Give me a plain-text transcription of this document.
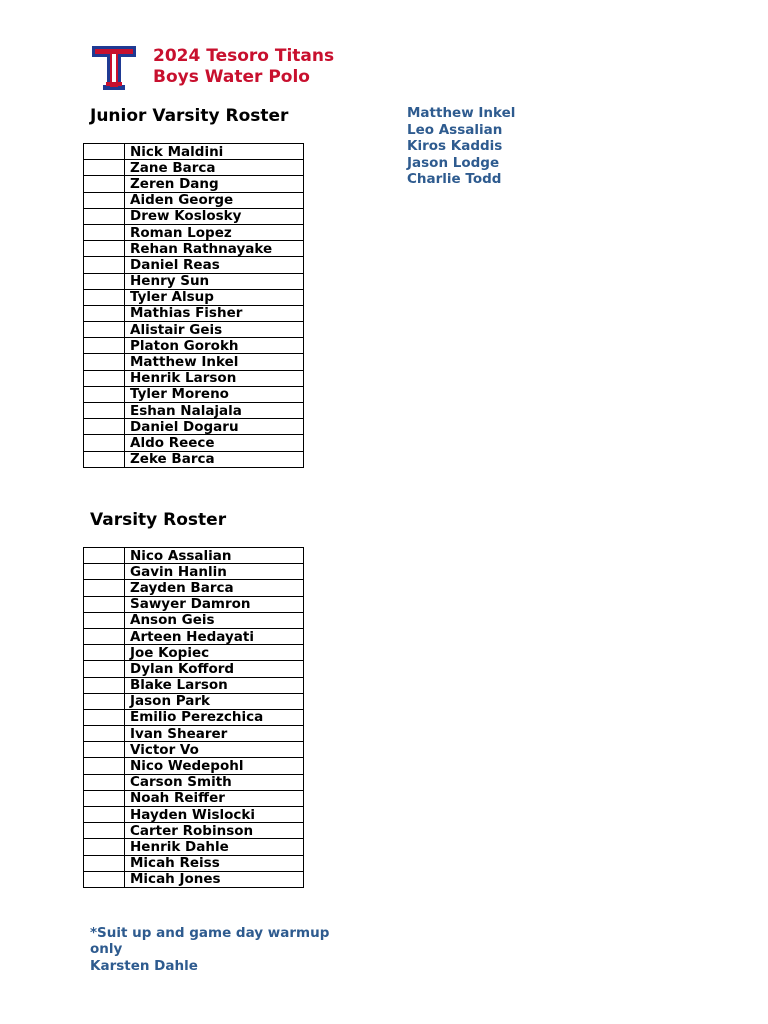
2024 Tesoro Titans
Boys Water Polo
Junior Varsity Roster
	Nick Maldini
	Zane Barca
	Zeren Dang
	Aiden George
	Drew Koslosky
	Roman Lopez
	Rehan Rathnayake
	Daniel Reas
	Henry Sun
	Tyler Alsup
	Mathias Fisher
	Alistair Geis
	Platon Gorokh
	Matthew Inkel
	Henrik Larson
	Tyler Moreno
	Eshan Nalajala
	Daniel Dogaru
	Aldo Reece
	Zeke Barca
Varsity Roster
	Nico Assalian
	Gavin Hanlin
	Zayden Barca
	Sawyer Damron
	Anson Geis
	Arteen Hedayati
	Joe Kopiec
	Dylan Kofford
	Blake Larson
	Jason Park
	Emilio Perezchica
	Ivan Shearer
	Victor Vo
	Nico Wedepohl
	Carson Smith
	Noah Reiffer
	Hayden Wislocki
	Carter Robinson
	Henrik Dahle
	Micah Reiss
	Micah Jones
Matthew Inkel
Leo Assalian
Kiros Kaddis
Jason Lodge
Charlie Todd
*Suit up and game day warmup only
Karsten Dahle
